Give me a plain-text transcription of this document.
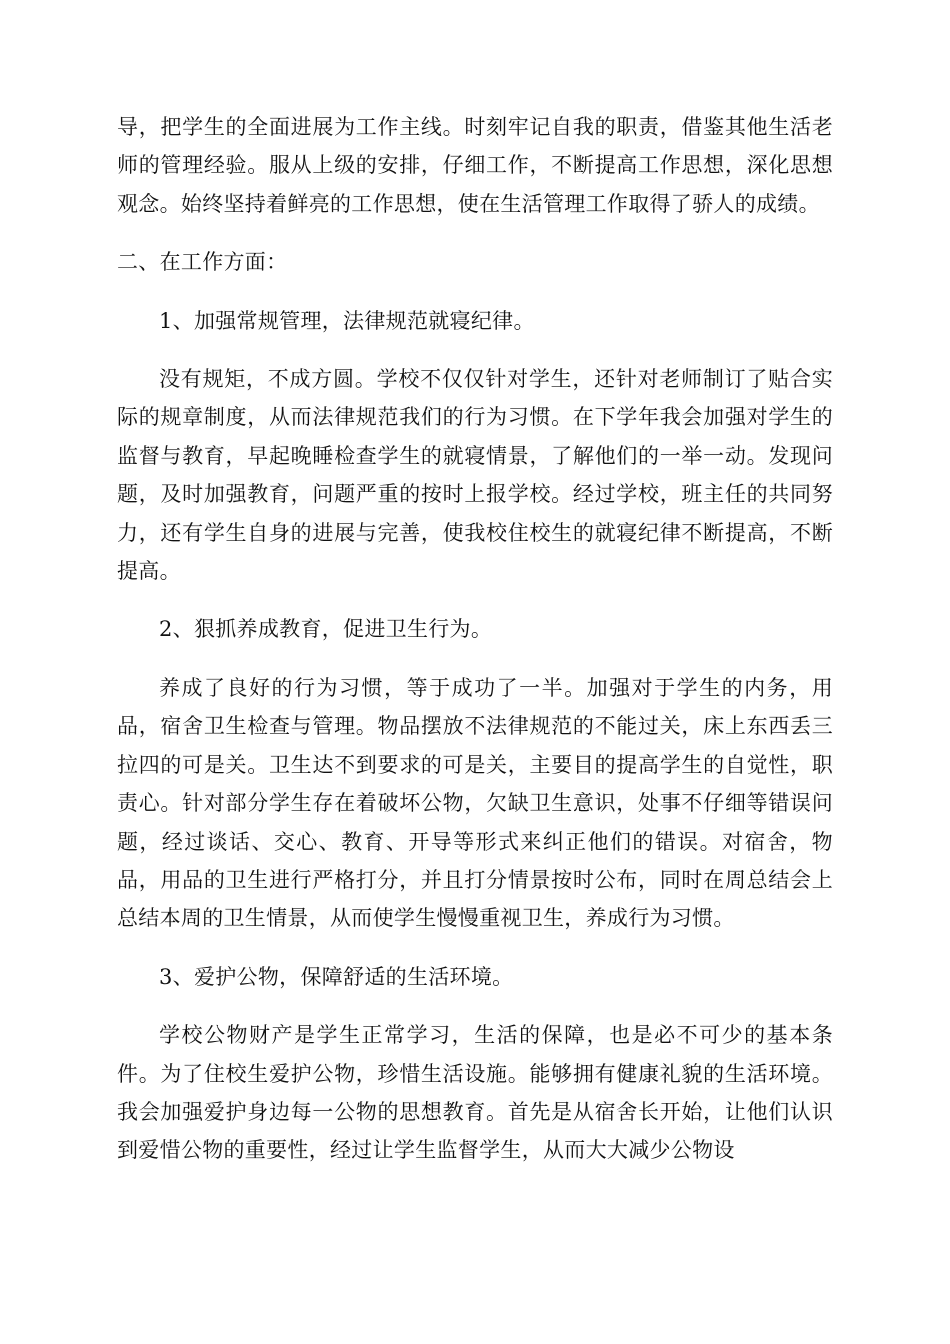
导，把学生的全面进展为工作主线。时刻牢记自我的职责，借鉴其他生活老师的管理经验。服从上级的安排，仔细工作，不断提高工作思想，深化思想观念。始终坚持着鲜亮的工作思想，使在生活管理工作取得了骄人的成绩。

二、在工作方面：

1、加强常规管理，法律规范就寝纪律。

没有规矩，不成方圆。学校不仅仅针对学生，还针对老师制订了贴合实际的规章制度，从而法律规范我们的行为习惯。在下学年我会加强对学生的监督与教育，早起晚睡检查学生的就寝情景，了解他们的一举一动。发现问题，及时加强教育，问题严重的按时上报学校。经过学校，班主任的共同努力，还有学生自身的进展与完善，使我校住校生的就寝纪律不断提高，不断提高。

2、狠抓养成教育，促进卫生行为。

养成了良好的行为习惯，等于成功了一半。加强对于学生的内务，用品，宿舍卫生检查与管理。物品摆放不法律规范的不能过关，床上东西丢三拉四的可是关。卫生达不到要求的可是关，主要目的提高学生的自觉性，职责心。针对部分学生存在着破坏公物，欠缺卫生意识，处事不仔细等错误问题，经过谈话、交心、教育、开导等形式来纠正他们的错误。对宿舍，物品，用品的卫生进行严格打分，并且打分情景按时公布，同时在周总结会上总结本周的卫生情景，从而使学生慢慢重视卫生，养成行为习惯。

3、爱护公物，保障舒适的生活环境。

学校公物财产是学生正常学习，生活的保障，也是必不可少的基本条件。为了住校生爱护公物，珍惜生活设施。能够拥有健康礼貌的生活环境。我会加强爱护身边每一公物的思想教育。首先是从宿舍长开始，让他们认识到爱惜公物的重要性，经过让学生监督学生，从而大大减少公物设
